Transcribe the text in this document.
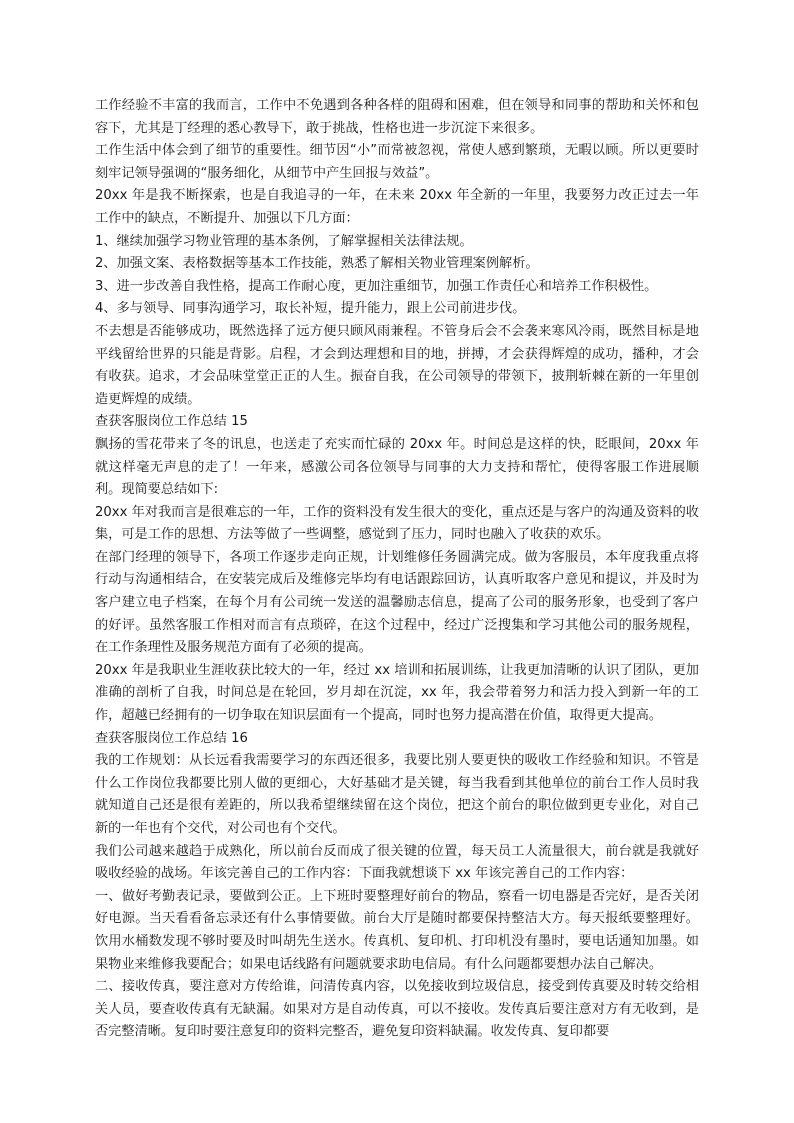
工作经验不丰富的我而言，工作中不免遇到各种各样的阻碍和困难，但在领导和同事的帮助和关怀和包容下，尤其是丁经理的悉心教导下，敢于挑战，性格也进一步沉淀下来很多。

工作生活中体会到了细节的重要性。细节因“小”而常被忽视，常使人感到繁琐，无暇以顾。所以更要时刻牢记领导强调的“服务细化，从细节中产生回报与效益”。

20xx 年是我不断探索，也是自我追寻的一年，在未来 20xx 年全新的一年里，我要努力改正过去一年工作中的缺点，不断提升、加强以下几方面：

1、继续加强学习物业管理的基本条例，了解掌握相关法律法规。

2、加强文案、表格数据等基本工作技能，熟悉了解相关物业管理案例解析。

3、进一步改善自我性格，提高工作耐心度，更加注重细节，加强工作责任心和培养工作积极性。

4、多与领导、同事沟通学习，取长补短，提升能力，跟上公司前进步伐。

不去想是否能够成功，既然选择了远方便只顾风雨兼程。不管身后会不会袭来寒风冷雨，既然目标是地平线留给世界的只能是背影。启程，才会到达理想和目的地，拼搏，才会获得辉煌的成功，播种，才会有收获。追求，才会品味堂堂正正的人生。振奋自我，在公司领导的带领下，披荆斩棘在新的一年里创造更辉煌的成绩。

查获客服岗位工作总结 15

飘扬的雪花带来了冬的讯息，也送走了充实而忙碌的 20xx 年。时间总是这样的快，眨眼间，20xx 年就这样毫无声息的走了！一年来，感激公司各位领导与同事的大力支持和帮忙，使得客服工作进展顺利。现简要总结如下:

20xx 年对我而言是很难忘的一年，工作的资料没有发生很大的变化，重点还是与客户的沟通及资料的收集，可是工作的思想、方法等做了一些调整，感觉到了压力，同时也融入了收获的欢乐。

在部门经理的领导下，各项工作逐步走向正规，计划维修任务圆满完成。做为客服员，本年度我重点将行动与沟通相结合，在安装完成后及维修完毕均有电话跟踪回访，认真听取客户意见和提议，并及时为客户建立电子档案，在每个月有公司统一发送的温馨励志信息，提高了公司的服务形象，也受到了客户的好评。虽然客服工作相对而言有点琐碎，在这个过程中，经过广泛搜集和学习其他公司的服务规程，在工作条理性及服务规范方面有了必须的提高。

20xx 年是我职业生涯收获比较大的一年，经过 xx 培训和拓展训练，让我更加清晰的认识了团队，更加准确的剖析了自我，时间总是在轮回，岁月却在沉淀，xx 年，我会带着努力和活力投入到新一年的工作，超越已经拥有的一切争取在知识层面有一个提高，同时也努力提高潜在价值，取得更大提高。

查获客服岗位工作总结 16

我的工作规划：从长远看我需要学习的东西还很多，我要比别人要更快的吸收工作经验和知识。不管是什么工作岗位我都要比别人做的更细心，大好基础才是关键，每当我看到其他单位的前台工作人员时我就知道自己还是很有差距的，所以我希望继续留在这个岗位，把这个前台的职位做到更专业化，对自己新的一年也有个交代，对公司也有个交代。

我们公司越来越趋于成熟化，所以前台反而成了很关键的位置，每天员工人流量很大，前台就是我就好吸收经验的战场。年该完善自己的工作内容：下面我就想谈下 xx 年该完善自己的工作内容：

一、做好考勤表记录，要做到公正。上下班时要整理好前台的物品，察看一切电器是否完好，是否关闭好电源。当天看看备忘录还有什么事情要做。前台大厅是随时都要保持整洁大方。每天报纸要整理好。饮用水桶数发现不够时要及时叫胡先生送水。传真机、复印机、打印机没有墨时，要电话通知加墨。如果物业来维修我要配合；如果电话线路有问题就要求助电信局。有什么问题都要想办法自己解决。

二、接收传真，要注意对方传给谁，问清传真内容，以免接收到垃圾信息，接受到传真要及时转交给相关人员，要查收传真有无缺漏。如果对方是自动传真，可以不接收。发传真后要注意对方有无收到，是否完整清晰。复印时要注意复印的资料完整否，避免复印资料缺漏。收发传真、复印都要
